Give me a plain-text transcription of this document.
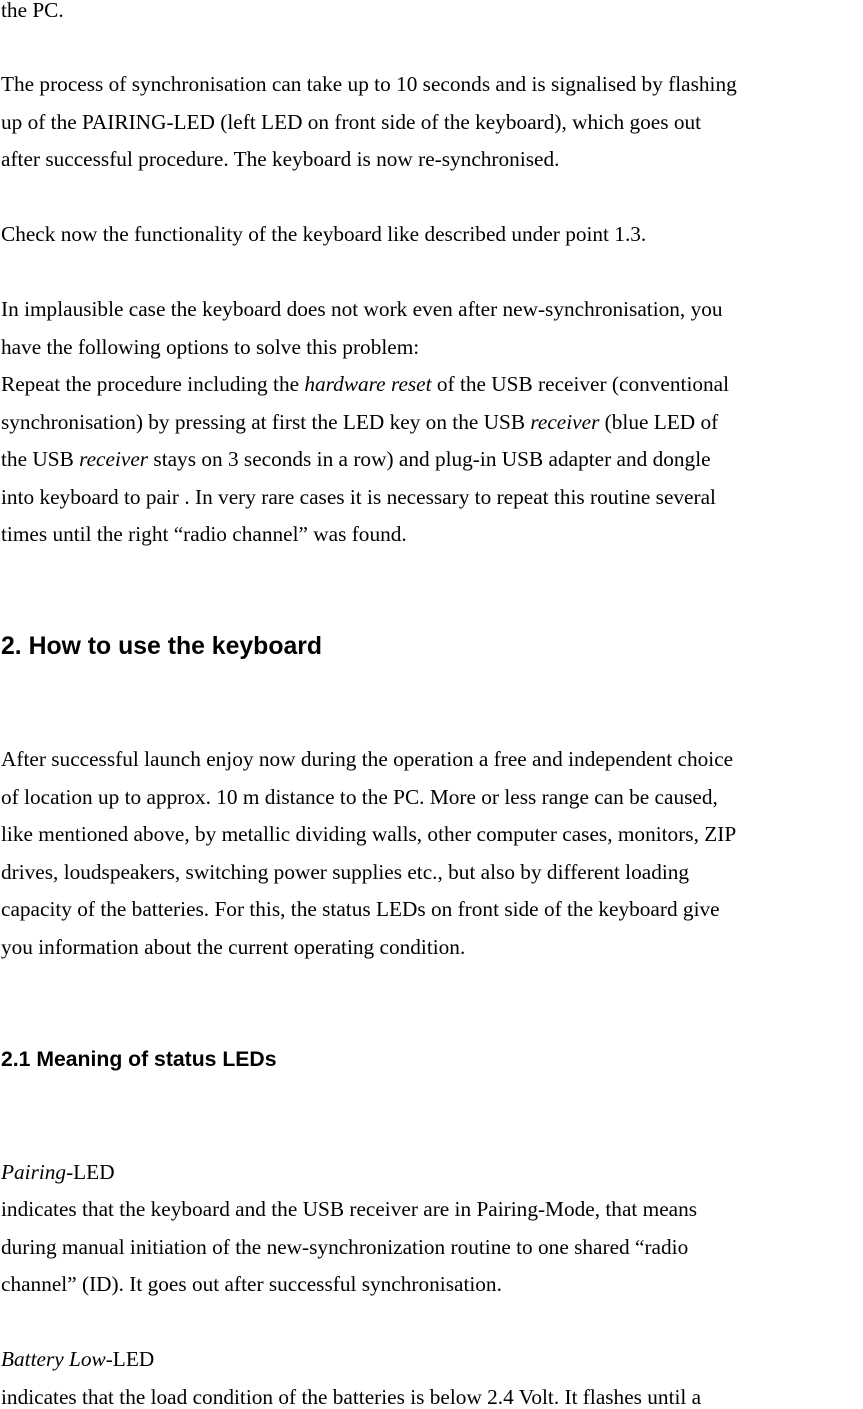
the PC.
The process of synchronisation can take up to 10 seconds and is signalised by flashing
up of the PAIRING-LED (left LED on front side of the keyboard), which goes out
after successful procedure. The keyboard is now re-synchronised.
Check now the functionality of the keyboard like described under point 1.3.
In implausible case the keyboard does not work even after new-synchronisation, you
have the following options to solve this problem:
Repeat the procedure including the hardware reset of the USB receiver (conventional
synchronisation) by pressing at first the LED key on the USB receiver (blue LED of
the USB receiver stays on 3 seconds in a row) and plug-in USB adapter and dongle
into keyboard to pair . In very rare cases it is necessary to repeat this routine several
times until the right “radio channel” was found.
2. How to use the keyboard
After successful launch enjoy now during the operation a free and independent choice
of location up to approx. 10 m distance to the PC. More or less range can be caused,
like mentioned above, by metallic dividing walls, other computer cases, monitors, ZIP
drives, loudspeakers, switching power supplies etc., but also by different loading
capacity of the batteries. For this, the status LEDs on front side of the keyboard give
you information about the current operating condition.
2.1 Meaning of status LEDs
Pairing-LED
indicates that the keyboard and the USB receiver are in Pairing-Mode, that means
during manual initiation of the new-synchronization routine to one shared “radio
channel” (ID). It goes out after successful synchronisation.
Battery Low-LED
indicates that the load condition of the batteries is below 2.4 Volt. It flashes until a
